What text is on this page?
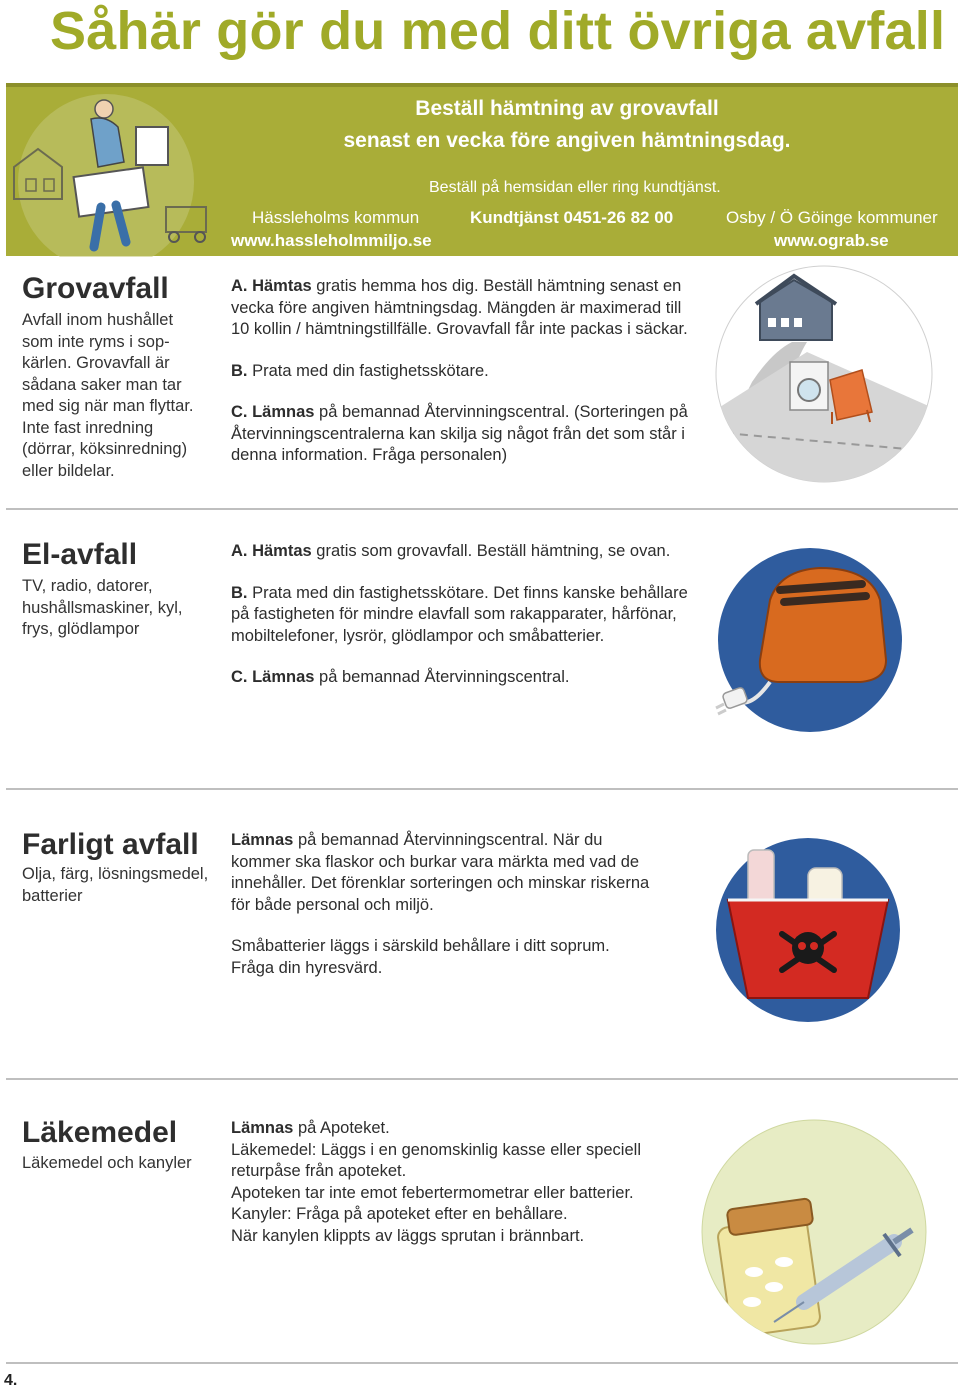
Såhär gör du med ditt övriga avfall
Beställ hämtning av grovavfall
senast en vecka före angiven hämtningsdag.
Beställ på hemsidan eller ring kundtjänst.
Hässleholms kommun
www.hassleholmmiljo.se
Kundtjänst 0451-26 82 00	Osby / Ö Göinge kommuner
www.ograb.se
Grovavfall
Avfall inom hushållet som inte ryms i sop-kärlen. Grovavfall är sådana saker man tar med sig när man flyttar. Inte fast inredning (dörrar, köksinredning) eller bildelar.

A. Hämtas gratis hemma hos dig. Beställ hämtning senast en vecka före angiven hämtningsdag. Mängden är maximerad till 10 kollin / hämtningstillfälle. Grovavfall får inte packas i säckar.

B. Prata med din fastighetsskötare.

C. Lämnas på bemannad Återvinningscentral. (Sorteringen på Återvinningscentralerna kan skilja sig något från det som står i denna information. Fråga personalen)

El-avfall
TV, radio, datorer, hushållsmaskiner, kyl, frys, glödlampor

A. Hämtas gratis som grovavfall. Beställ hämtning, se ovan.

B. Prata med din fastighetsskötare. Det finns kanske behållare på fastigheten för mindre elavfall som rakapparater, hårfönar, mobiltelefoner, lysrör, glödlampor och småbatterier.

C. Lämnas på bemannad Återvinningscentral.

Farligt avfall
Olja, färg, lösningsmedel, batterier

Lämnas på bemannad Återvinningscentral. När du kommer ska flaskor och burkar vara märkta med vad de innehåller. Det förenklar sorteringen och minskar riskerna för både personal och miljö.

Småbatterier läggs i särskild behållare i ditt soprum. Fråga din hyresvärd.

Läkemedel
Läkemedel och kanyler

Lämnas på Apoteket.

Läkemedel: Läggs i en genomskinlig kasse eller speciell returpåse från apoteket.

Apoteken tar inte emot febertermometrar eller batterier.

Kanyler: Fråga på apoteket efter en behållare.

När kanylen klippts av läggs sprutan i brännbart.

4.
